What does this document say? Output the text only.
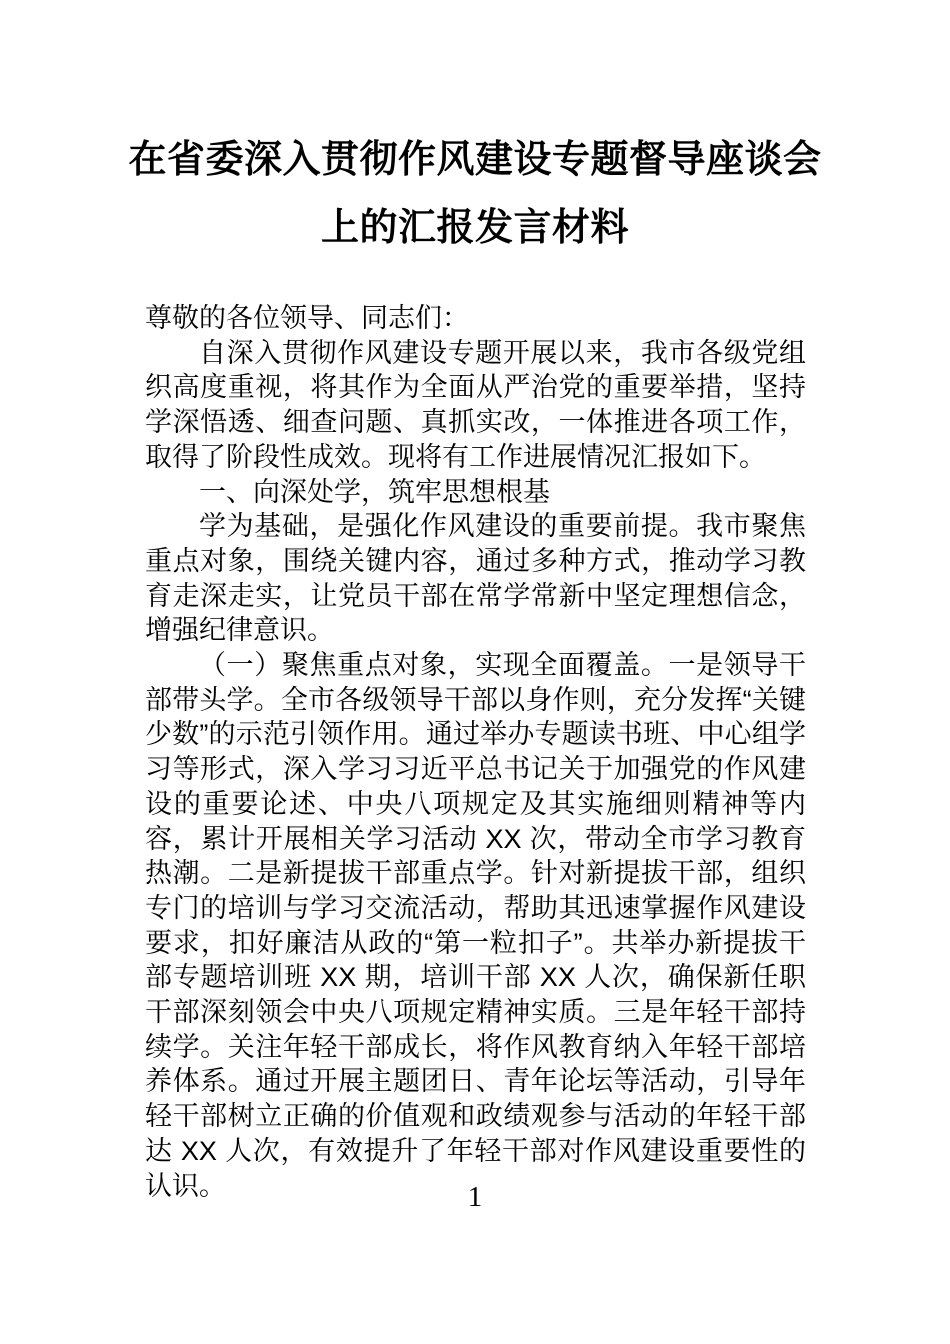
在省委深入贯彻作风建设专题督导座谈会
上的汇报发言材料
尊敬的各位领导、同志们：
自深入贯彻作风建设专题开展以来，我市各级党组织高度重视，将其作为全面从严治党的重要举措，坚持学深悟透、细查问题、真抓实改，一体推进各项工作，取得了阶段性成效。现将有工作进展情况汇报如下。
一、向深处学，筑牢思想根基
学为基础，是强化作风建设的重要前提。我市聚焦重点对象，围绕关键内容，通过多种方式，推动学习教育走深走实，让党员干部在常学常新中坚定理想信念，增强纪律意识。
（一）聚焦重点对象，实现全面覆盖。一是领导干部带头学。全市各级领导干部以身作则，充分发挥“关键少数”的示范引领作用。通过举办专题读书班、中心组学习等形式，深入学习习近平总书记关于加强党的作风建设的重要论述、中央八项规定及其实施细则精神等内容，累计开展相关学习活动 XX 次，带动全市学习教育热潮。二是新提拔干部重点学。针对新提拔干部，组织专门的培训与学习交流活动，帮助其迅速掌握作风建设要求，扣好廉洁从政的“第一粒扣子”。共举办新提拔干部专题培训班 XX 期，培训干部 XX 人次，确保新任职干部深刻领会中央八项规定精神实质。三是年轻干部持续学。关注年轻干部成长，将作风教育纳入年轻干部培养体系。通过开展主题团日、青年论坛等活动，引导年轻干部树立正确的价值观和政绩观参与活动的年轻干部达 XX 人次，有效提升了年轻干部对作风建设重要性的认识。	1
